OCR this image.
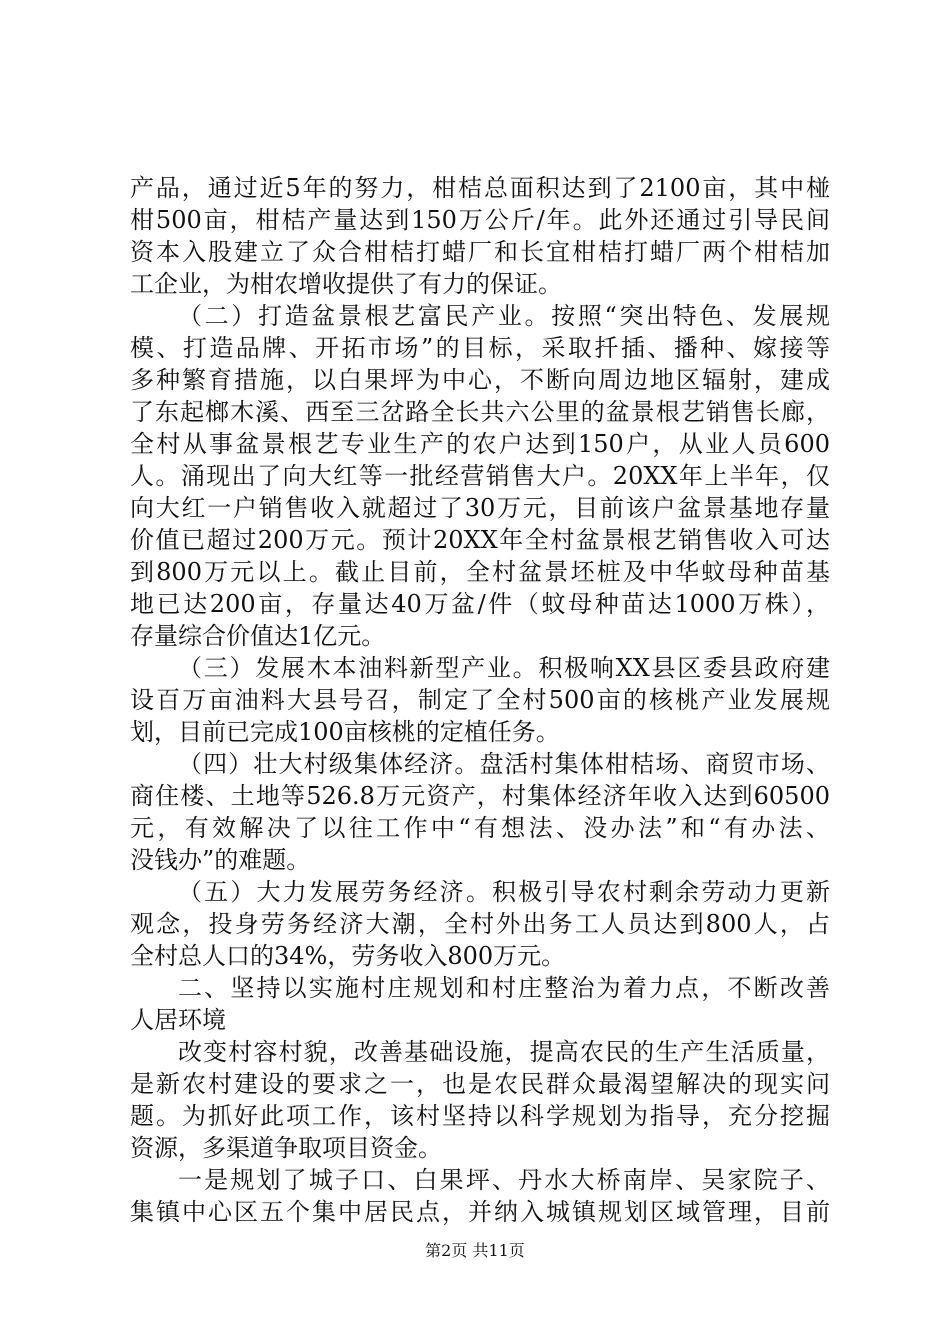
产品，通过近5年的努力，柑桔总面积达到了2100亩，其中椪

柑500亩，柑桔产量达到150万公斤/年。此外还通过引导民间

资本入股建立了众合柑桔打蜡厂和长宜柑桔打蜡厂两个柑桔加

工企业，为柑农增收提供了有力的保证。

（二）打造盆景根艺富民产业。按照“突出特色、发展规

模、打造品牌、开拓市场”的目标，采取扦插、播种、嫁接等

多种繁育措施，以白果坪为中心，不断向周边地区辐射，建成

了东起榔木溪、西至三岔路全长共六公里的盆景根艺销售长廊，

全村从事盆景根艺专业生产的农户达到150户，从业人员600

人。涌现出了向大红等一批经营销售大户。20XX年上半年，仅

向大红一户销售收入就超过了30万元，目前该户盆景基地存量

价值已超过200万元。预计20XX年全村盆景根艺销售收入可达

到800万元以上。截止目前，全村盆景坯桩及中华蚊母种苗基

地已达200亩，存量达40万盆/件（蚊母种苗达1000万株），

存量综合价值达1亿元。

（三）发展木本油料新型产业。积极响XX县区委县政府建

设百万亩油料大县号召，制定了全村500亩的核桃产业发展规

划，目前已完成100亩核桃的定植任务。

（四）壮大村级集体经济。盘活村集体柑桔场、商贸市场、

商住楼、土地等526.8万元资产，村集体经济年收入达到60500

元，有效解决了以往工作中“有想法、没办法”和“有办法、

没钱办”的难题。

（五）大力发展劳务经济。积极引导农村剩余劳动力更新

观念，投身劳务经济大潮，全村外出务工人员达到800人，占

全村总人口的34%，劳务收入800万元。

二、坚持以实施村庄规划和村庄整治为着力点，不断改善

人居环境

改变村容村貌，改善基础设施，提高农民的生产生活质量，

是新农村建设的要求之一，也是农民群众最渴望解决的现实问

题。为抓好此项工作，该村坚持以科学规划为指导，充分挖掘

资源，多渠道争取项目资金。

一是规划了城子口、白果坪、丹水大桥南岸、吴家院子、

集镇中心区五个集中居民点，并纳入城镇规划区域管理，目前

第2页 共11页
